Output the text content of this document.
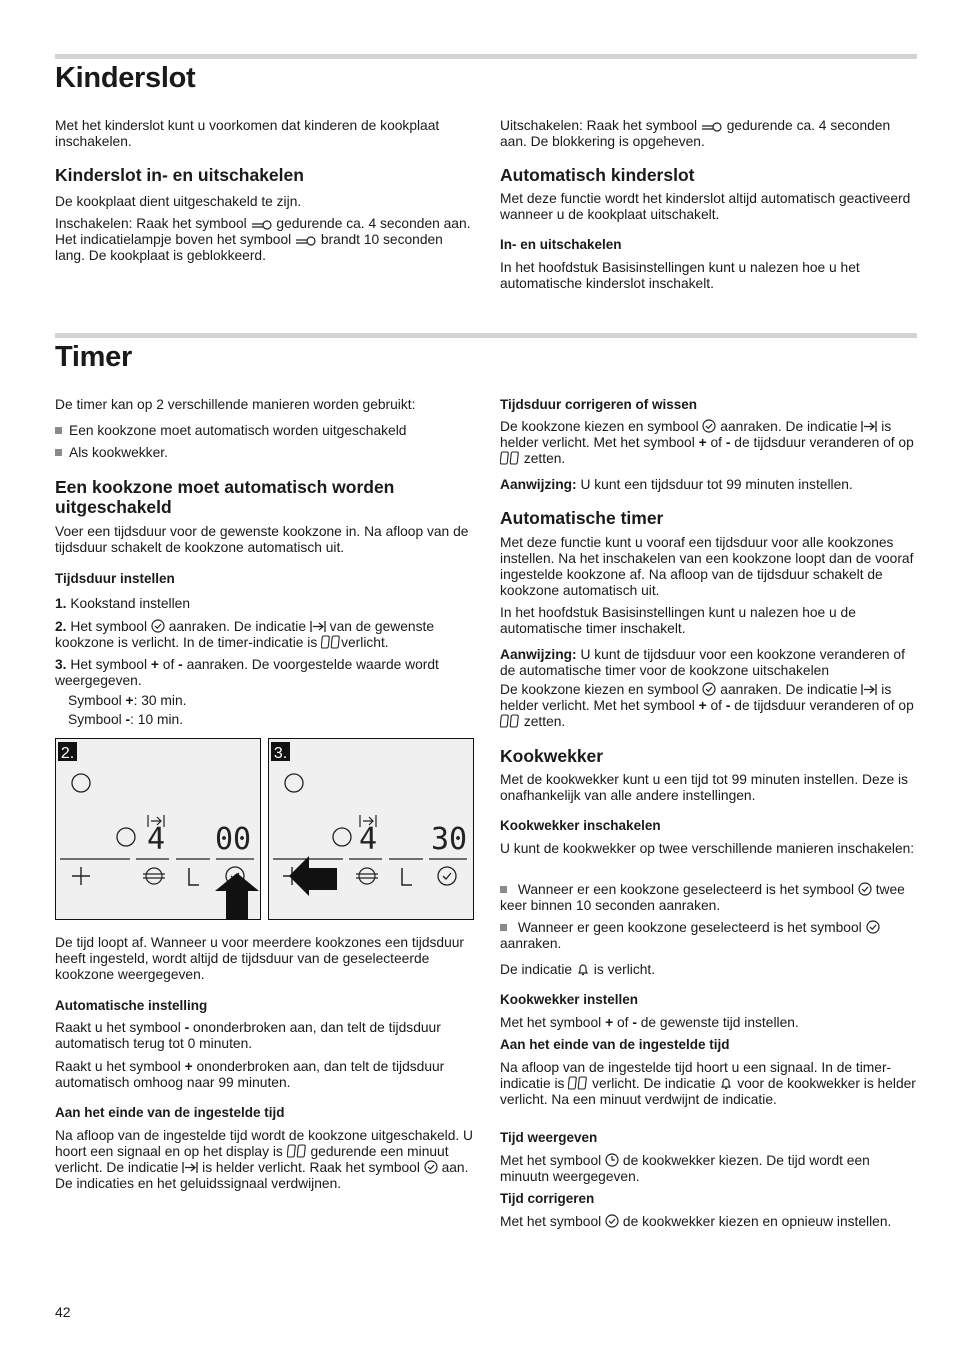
Kinderslot

Met het kinderslot kunt u voorkomen dat kinderen de kookplaat inschakelen.

Kinderslot in- en uitschakelen

De kookplaat dient uitgeschakeld te zijn.

Inschakelen: Raak het symbool  gedurende ca. 4 seconden aan. Het indicatielampje boven het symbool  brandt 10 seconden lang. De kookplaat is geblokkeerd.

Uitschakelen: Raak het symbool  gedurende ca. 4 seconden aan. De blokkering is opgeheven.

Automatisch kinderslot

Met deze functie wordt het kinderslot altijd automatisch geactiveerd wanneer u de kookplaat uitschakelt.

In- en uitschakelen

In het hoofdstuk Basisinstellingen kunt u nalezen hoe u het automatische kinderslot inschakelt.

Timer

De timer kan op 2 verschillende manieren worden gebruikt:

Een kookzone moet automatisch worden uitgeschakeld

Als kookwekker.

Een kookzone moet automatisch worden uitgeschakeld

Voer een tijdsduur voor de gewenste kookzone in. Na afloop van de tijdsduur schakelt de kookzone automatisch uit.

Tijdsduur instellen

1. Kookstand instellen

2. Het symbool  aanraken. De indicatie  van de gewenste kookzone is verlicht. In de timer-indicatie is verlicht.

3. Het symbool + of - aanraken. De voorgestelde waarde wordt weergegeven.

Symbool +: 30 min.

Symbool -: 10 min.

2.
4 00
3.
4 30

De tijd loopt af. Wanneer u voor meerdere kookzones een tijdsduur heeft ingesteld, wordt altijd de tijdsduur van de geselecteerde kookzone weergegeven.

Automatische instelling

Raakt u het symbool - ononderbroken aan, dan telt de tijdsduur automatisch terug tot 0 minuten.

Raakt u het symbool + ononderbroken aan, dan telt de tijdsduur automatisch omhoog naar 99 minuten.

Aan het einde van de ingestelde tijd

Na afloop van de ingestelde tijd wordt de kookzone uitgeschakeld. U hoort een signaal en op het display is  gedurende een minuut verlicht. De indicatie  is helder verlicht. Raak het symbool  aan. De indicaties en het geluidssignaal verdwijnen.

Tijdsduur corrigeren of wissen

De kookzone kiezen en symbool  aanraken. De indicatie  is helder verlicht. Met het symbool + of - de tijdsduur veranderen of op  zetten.

Aanwijzing: U kunt een tijdsduur tot 99 minuten instellen.

Automatische timer

Met deze functie kunt u vooraf een tijdsduur voor alle kookzones instellen. Na het inschakelen van een kookzone loopt dan de vooraf ingestelde kookzone af. Na afloop van de tijdsduur schakelt de kookzone automatisch uit.

In het hoofdstuk Basisinstellingen kunt u nalezen hoe u de automatische timer inschakelt.

Aanwijzing: U kunt de tijdsduur voor een kookzone veranderen of de automatische timer voor de kookzone uitschakelen

De kookzone kiezen en symbool  aanraken. De indicatie  is helder verlicht. Met het symbool + of - de tijdsduur veranderen of op  zetten.

Kookwekker

Met de kookwekker kunt u een tijd tot 99 minuten instellen. Deze is onafhankelijk van alle andere instellingen.

Kookwekker inschakelen

U kunt de kookwekker op twee verschillende manieren inschakelen:

Wanneer er een kookzone geselecteerd is het symbool  twee keer binnen 10 seconden aanraken.

Wanneer er geen kookzone geselecteerd is het symbool  aanraken.

De indicatie  is verlicht.

Kookwekker instellen

Met het symbool + of - de gewenste tijd instellen.

Aan het einde van de ingestelde tijd

Na afloop van de ingestelde tijd hoort u een signaal. In de timer-indicatie is  verlicht. De indicatie  voor de kookwekker is helder verlicht. Na een minuut verdwijnt de indicatie.

Tijd weergeven

Met het symbool  de kookwekker kiezen. De tijd wordt een minuutn weergegeven.

Tijd corrigeren

Met het symbool  de kookwekker kiezen en opnieuw instellen.

42
